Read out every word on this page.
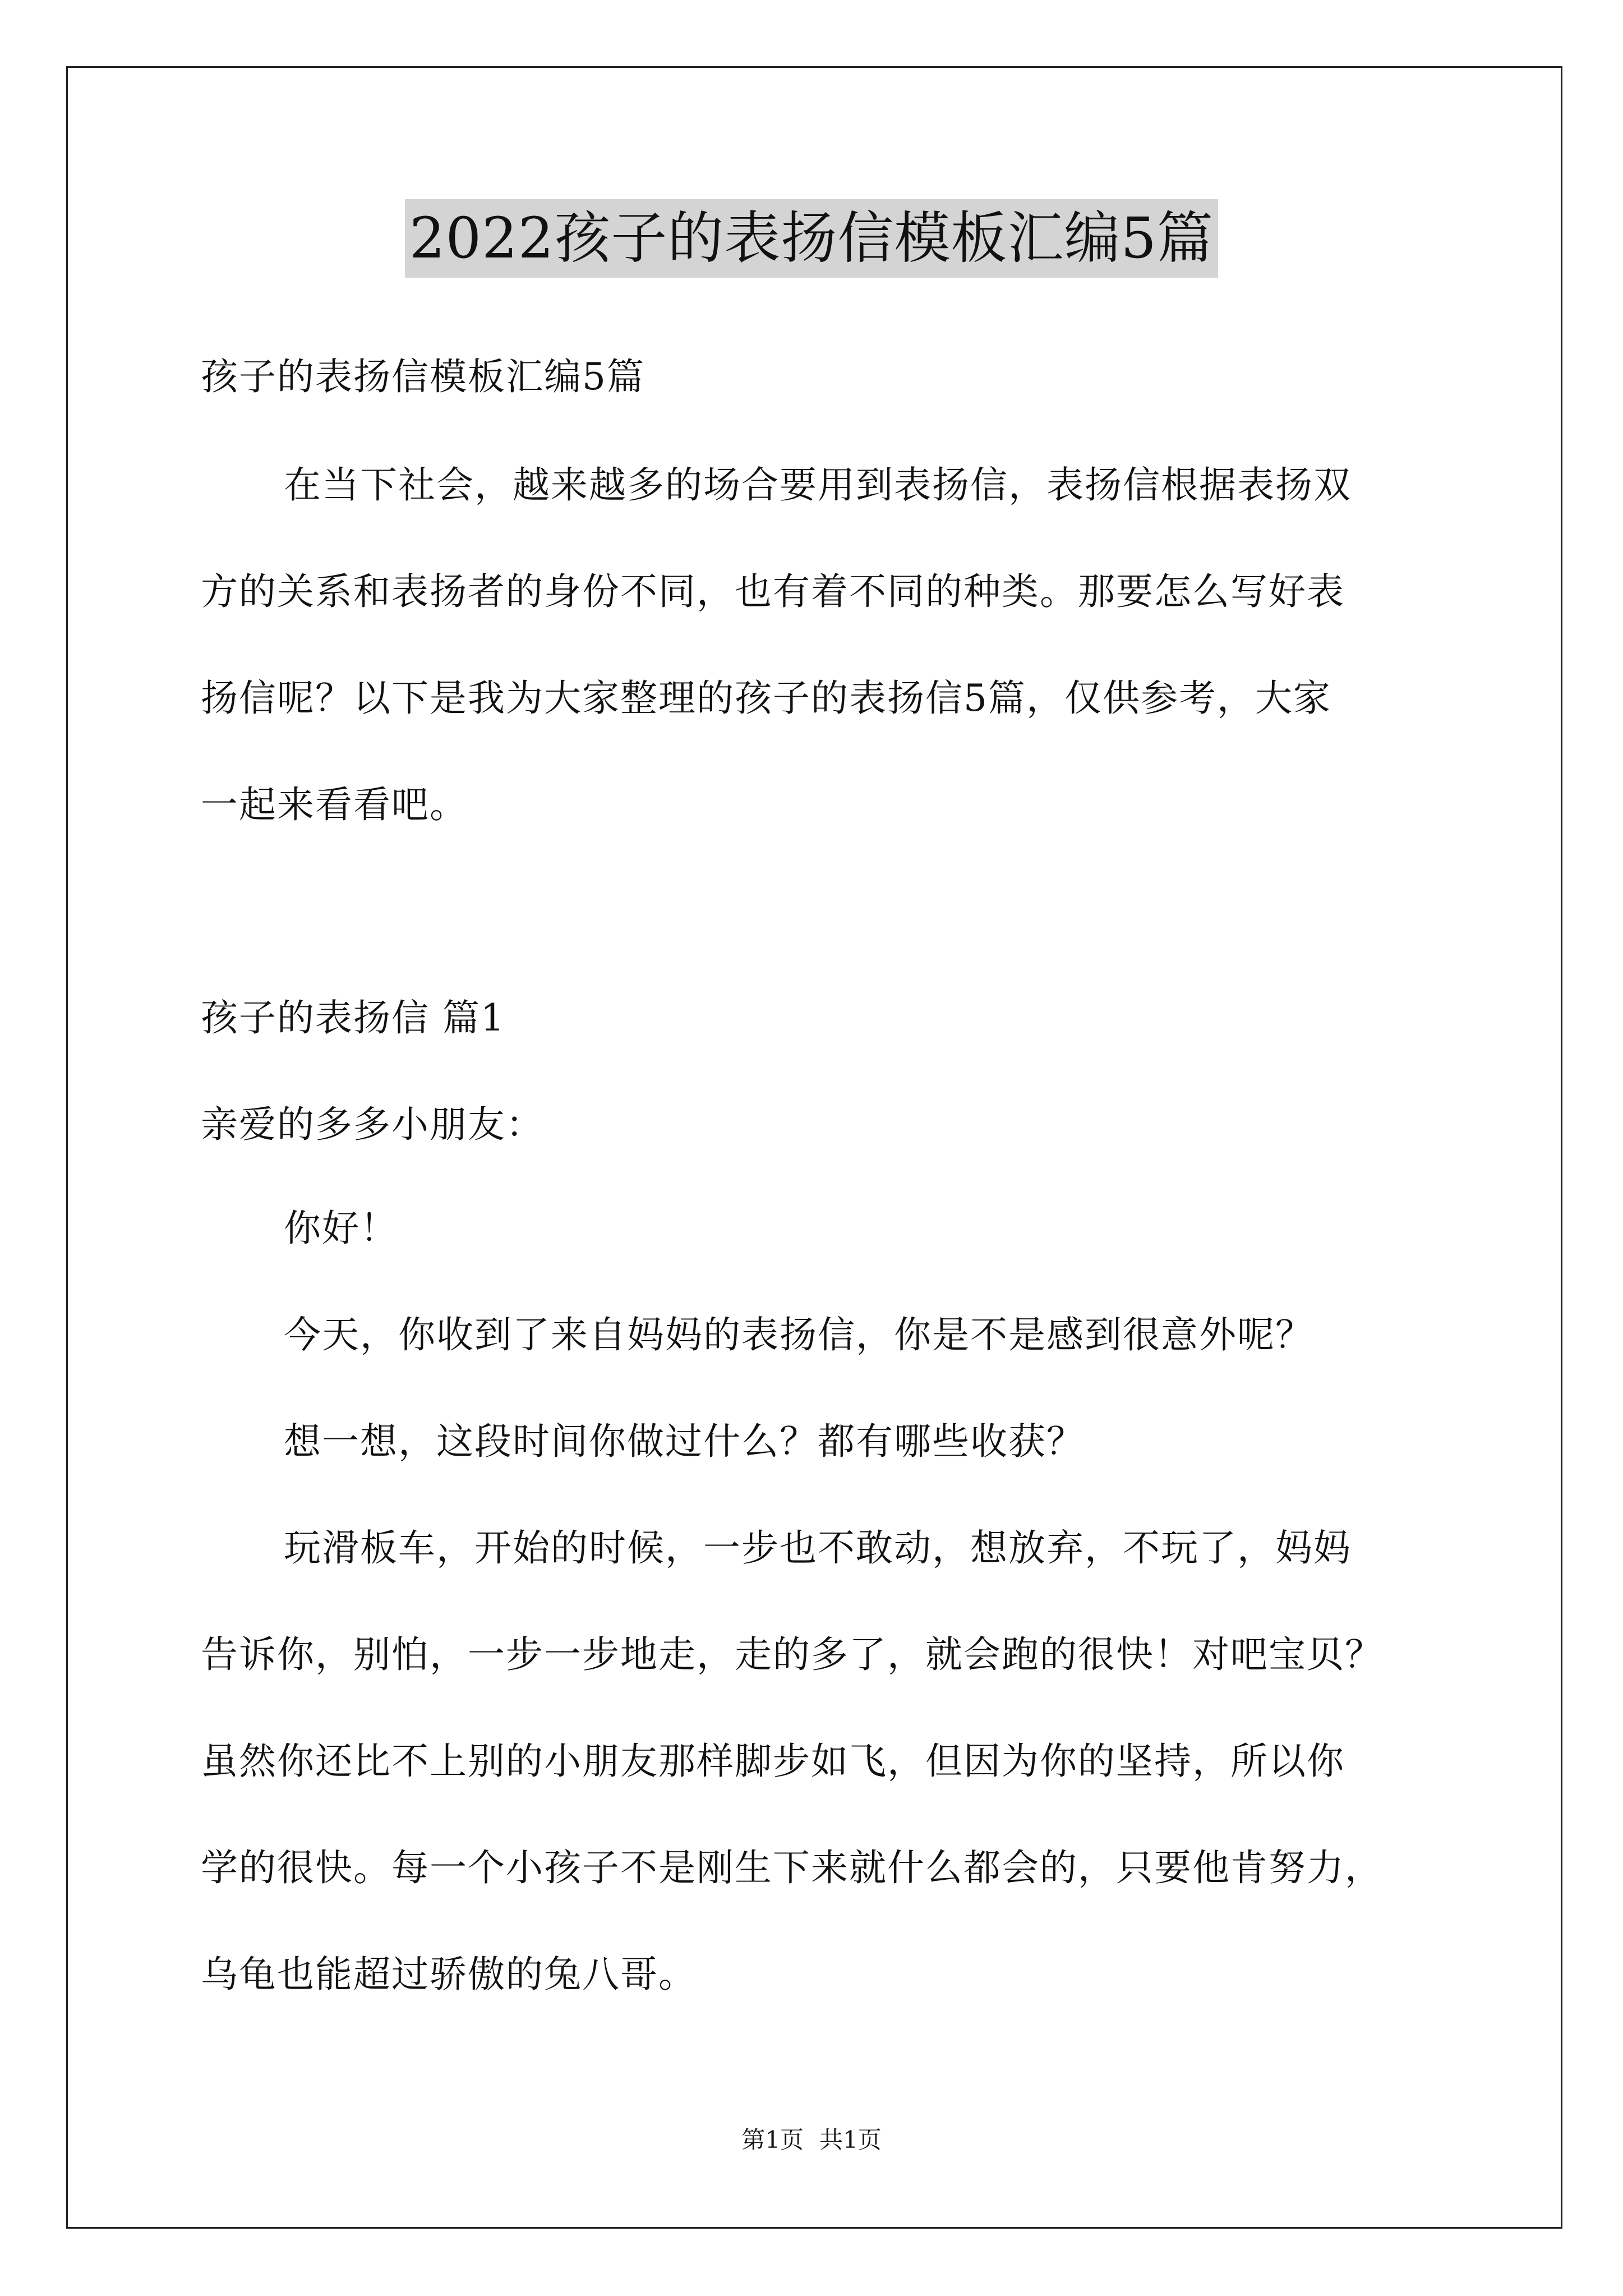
2022孩子的表扬信模板汇编5篇
孩子的表扬信模板汇编5篇
在当下社会，越来越多的场合要用到表扬信，表扬信根据表扬双
方的关系和表扬者的身份不同，也有着不同的种类。那要怎么写好表
扬信呢？以下是我为大家整理的孩子的表扬信5篇，仅供参考，大家
一起来看看吧。
孩子的表扬信 篇1
亲爱的多多小朋友：
你好！
今天，你收到了来自妈妈的表扬信，你是不是感到很意外呢？
想一想，这段时间你做过什么？都有哪些收获？
玩滑板车，开始的时候，一步也不敢动，想放弃，不玩了，妈妈
告诉你，别怕，一步一步地走，走的多了，就会跑的很快！对吧宝贝？
虽然你还比不上别的小朋友那样脚步如飞，但因为你的坚持，所以你
学的很快。每一个小孩子不是刚生下来就什么都会的，只要他肯努力，
乌龟也能超过骄傲的兔八哥。
第1页 共1页
